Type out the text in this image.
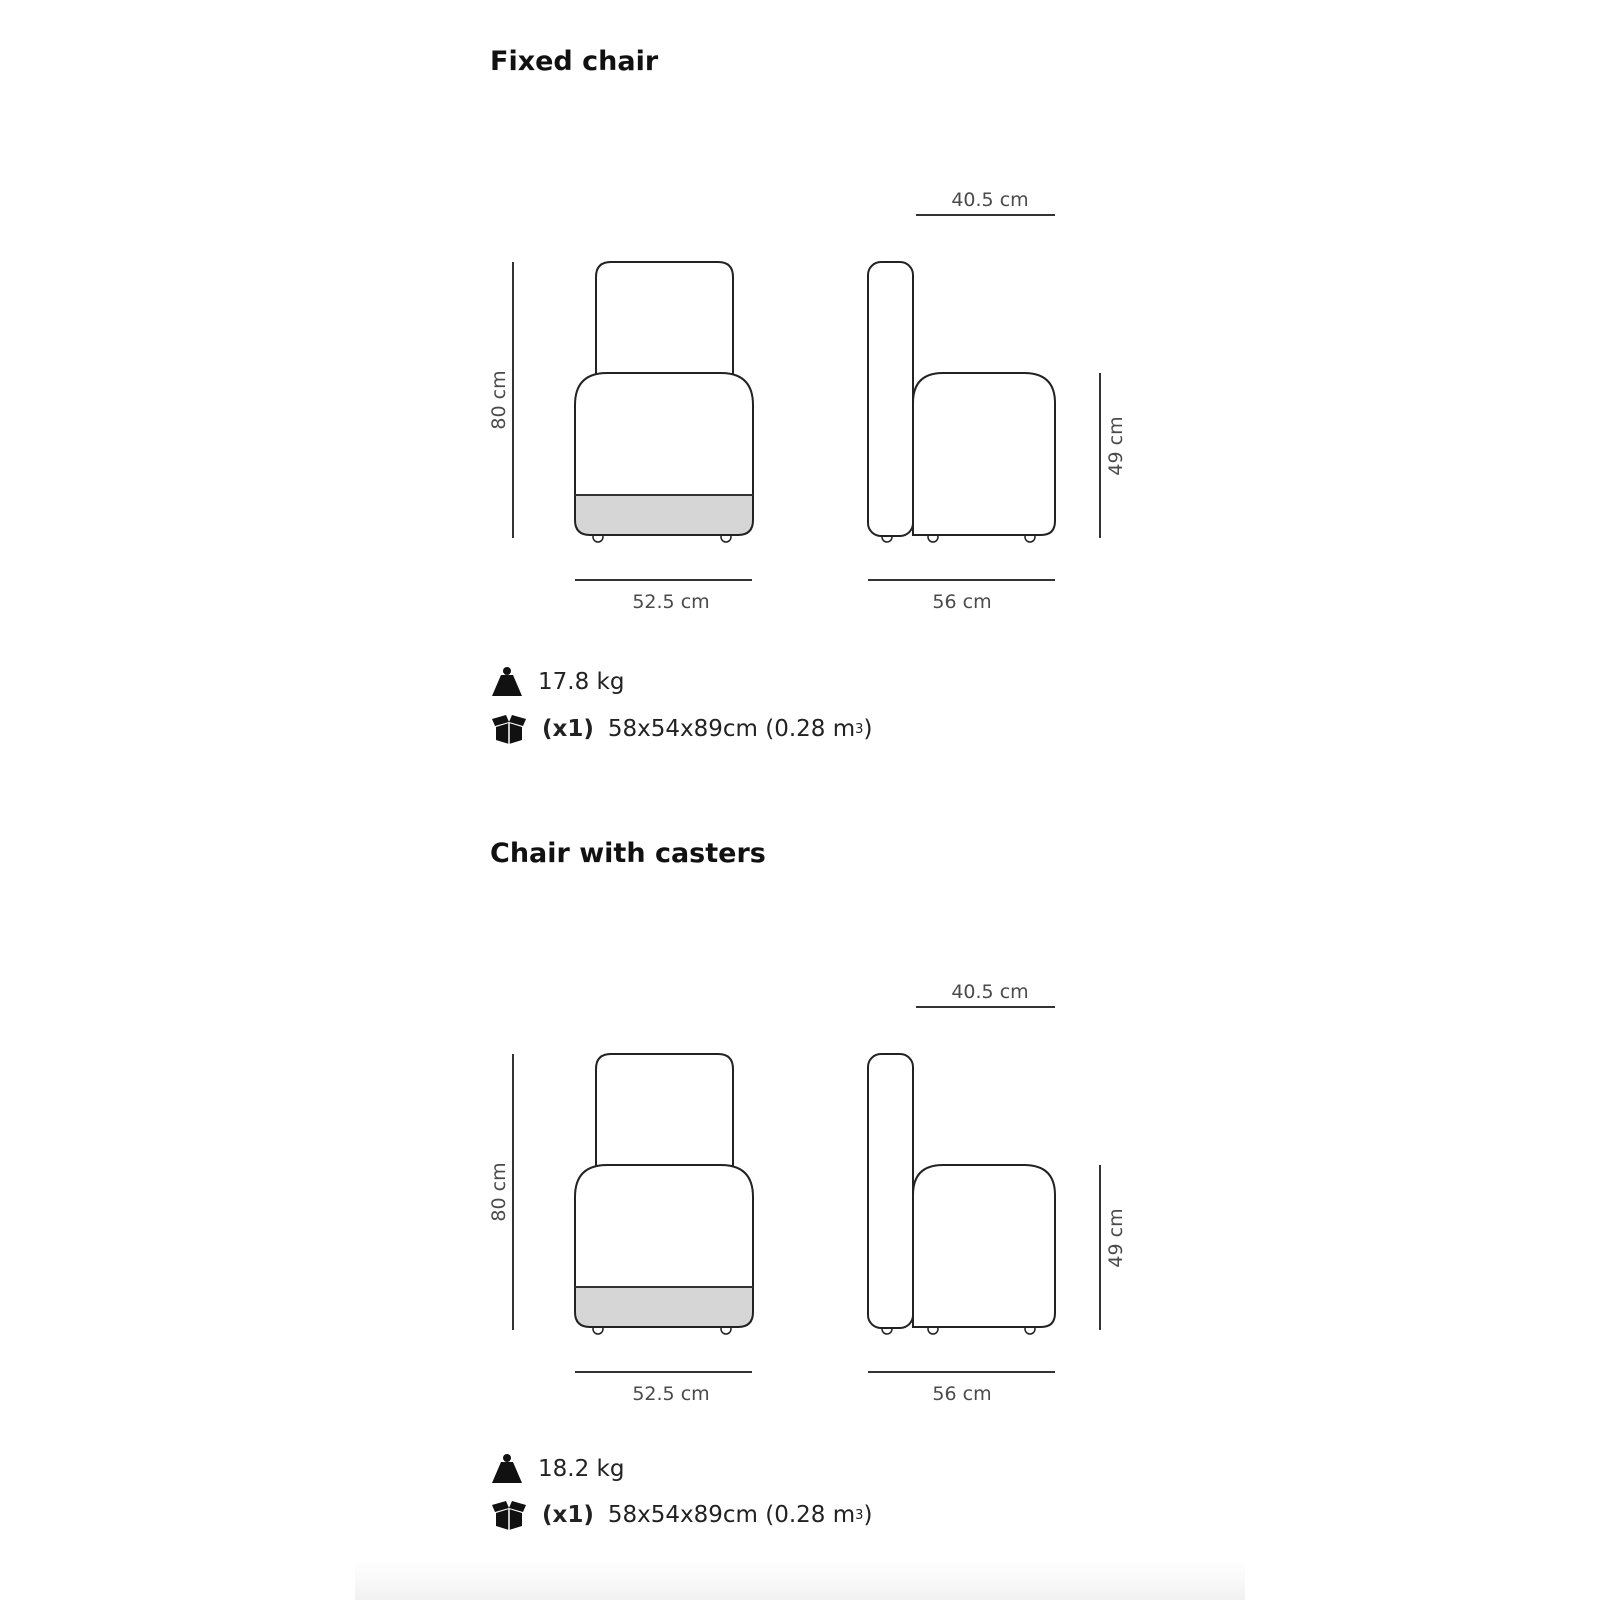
Fixed chair
40.5 cm
80 cm
52.5 cm	56 cm
49 cm
17.8 kg
(x1) 58x54x89cm (0.28 m 3 )
Chair with casters
40.5 cm
80 cm
52.5 cm	56 cm
49 cm
18.2 kg
(x1) 58x54x89cm (0.28 m 3 )
